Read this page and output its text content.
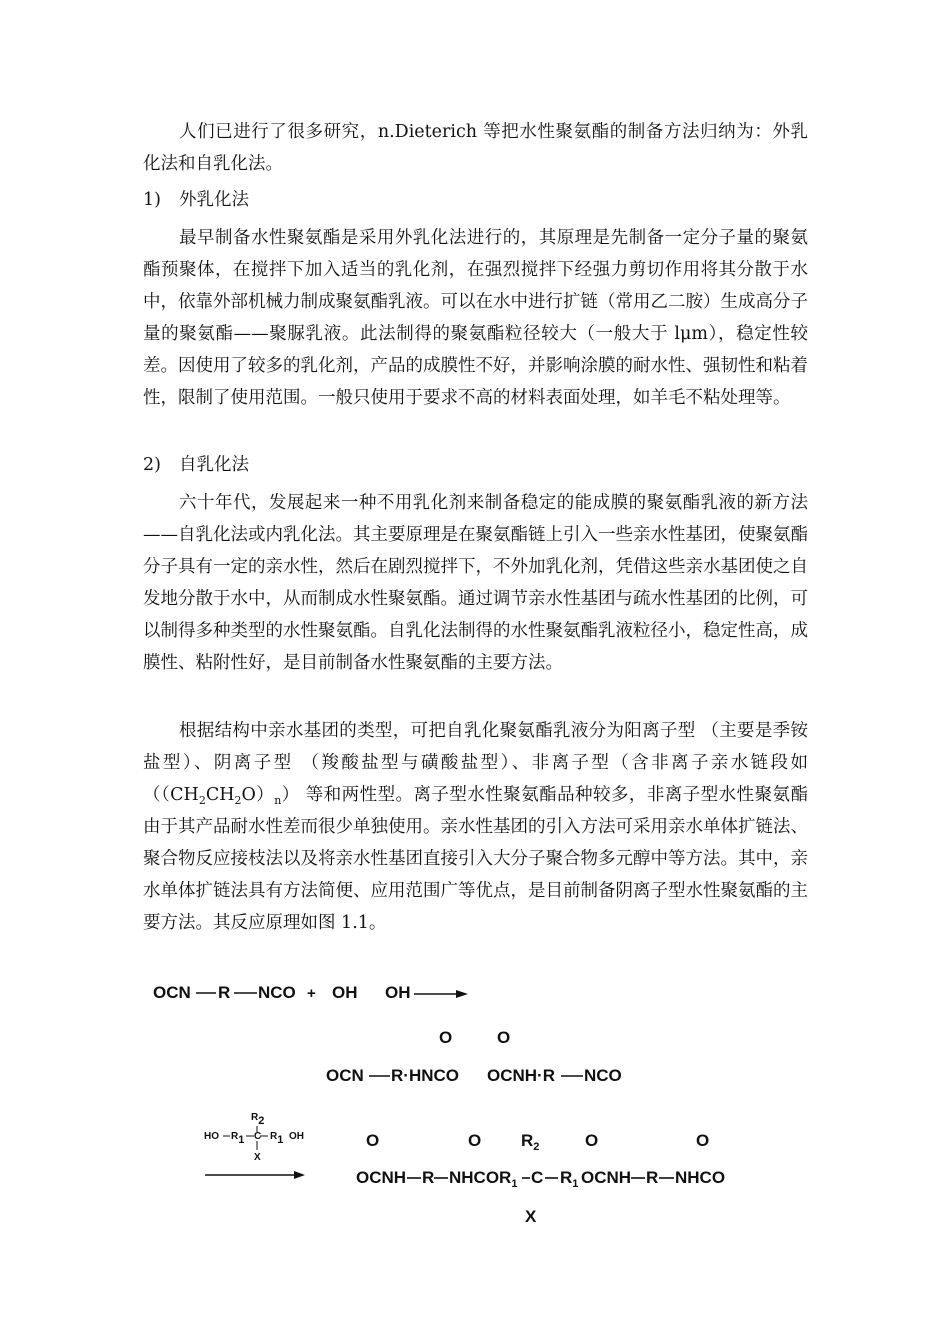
人们已进行了很多研究，n.Dieterich 等把水性聚氨酯的制备方法归纳为：外乳化法和自乳化法。

1) 外乳化法

最早制备水性聚氨酯是采用外乳化法进行的，其原理是先制备一定分子量的聚氨酯预聚体，在搅拌下加入适当的乳化剂，在强烈搅拌下经强力剪切作用将其分散于水中，依靠外部机械力制成聚氨酯乳液。可以在水中进行扩链（常用乙二胺）生成高分子量的聚氨酯——聚脲乳液。此法制得的聚氨酯粒径较大（一般大于 lμm），稳定性较差。因使用了较多的乳化剂，产品的成膜性不好，并影响涂膜的耐水性、强韧性和粘着性，限制了使用范围。一般只使用于要求不高的材料表面处理，如羊毛不粘处理等。

2) 自乳化法

六十年代，发展起来一种不用乳化剂来制备稳定的能成膜的聚氨酯乳液的新方法——自乳化法或内乳化法。其主要原理是在聚氨酯链上引入一些亲水性基团，使聚氨酯分子具有一定的亲水性，然后在剧烈搅拌下，不外加乳化剂，凭借这些亲水基团使之自发地分散于水中，从而制成水性聚氨酯。通过调节亲水性基团与疏水性基团的比例，可以制得多种类型的水性聚氨酯。自乳化法制得的水性聚氨酯乳液粒径小，稳定性高，成膜性、粘附性好，是目前制备水性聚氨酯的主要方法。

根据结构中亲水基团的类型，可把自乳化聚氨酯乳液分为阳离子型 （主要是季铵盐型）、阴离子型 （羧酸盐型与磺酸盐型）、非离子型（含非离子亲水链段如$((CH_2CH_2O)_n)$ 等和两性型。离子型水性聚氨酯品种较多，非离子型水性聚氨酯由于其产品耐水性差而很少单独使用。亲水性基团的引入方法可采用亲水单体扩链法、聚合物反应接枝法以及将亲水性基团直接引入大分子聚合物多元醇中等方法。其中，亲水单体扩链法具有方法简便、应用范围广等优点，是目前制备阴离子型水性聚氨酯的主要方法。其反应原理如图 1.1。

OCN R NCO + OH OH
O	O
OCN R·HNCO OCNH·R NCO
$R_2$
HO $R_1$ C $R_1$ OH
X
O	O $R_2$	O	O
OCNH R $NHCOR_1$ C $R_1$ OCNH R NHCO
X
